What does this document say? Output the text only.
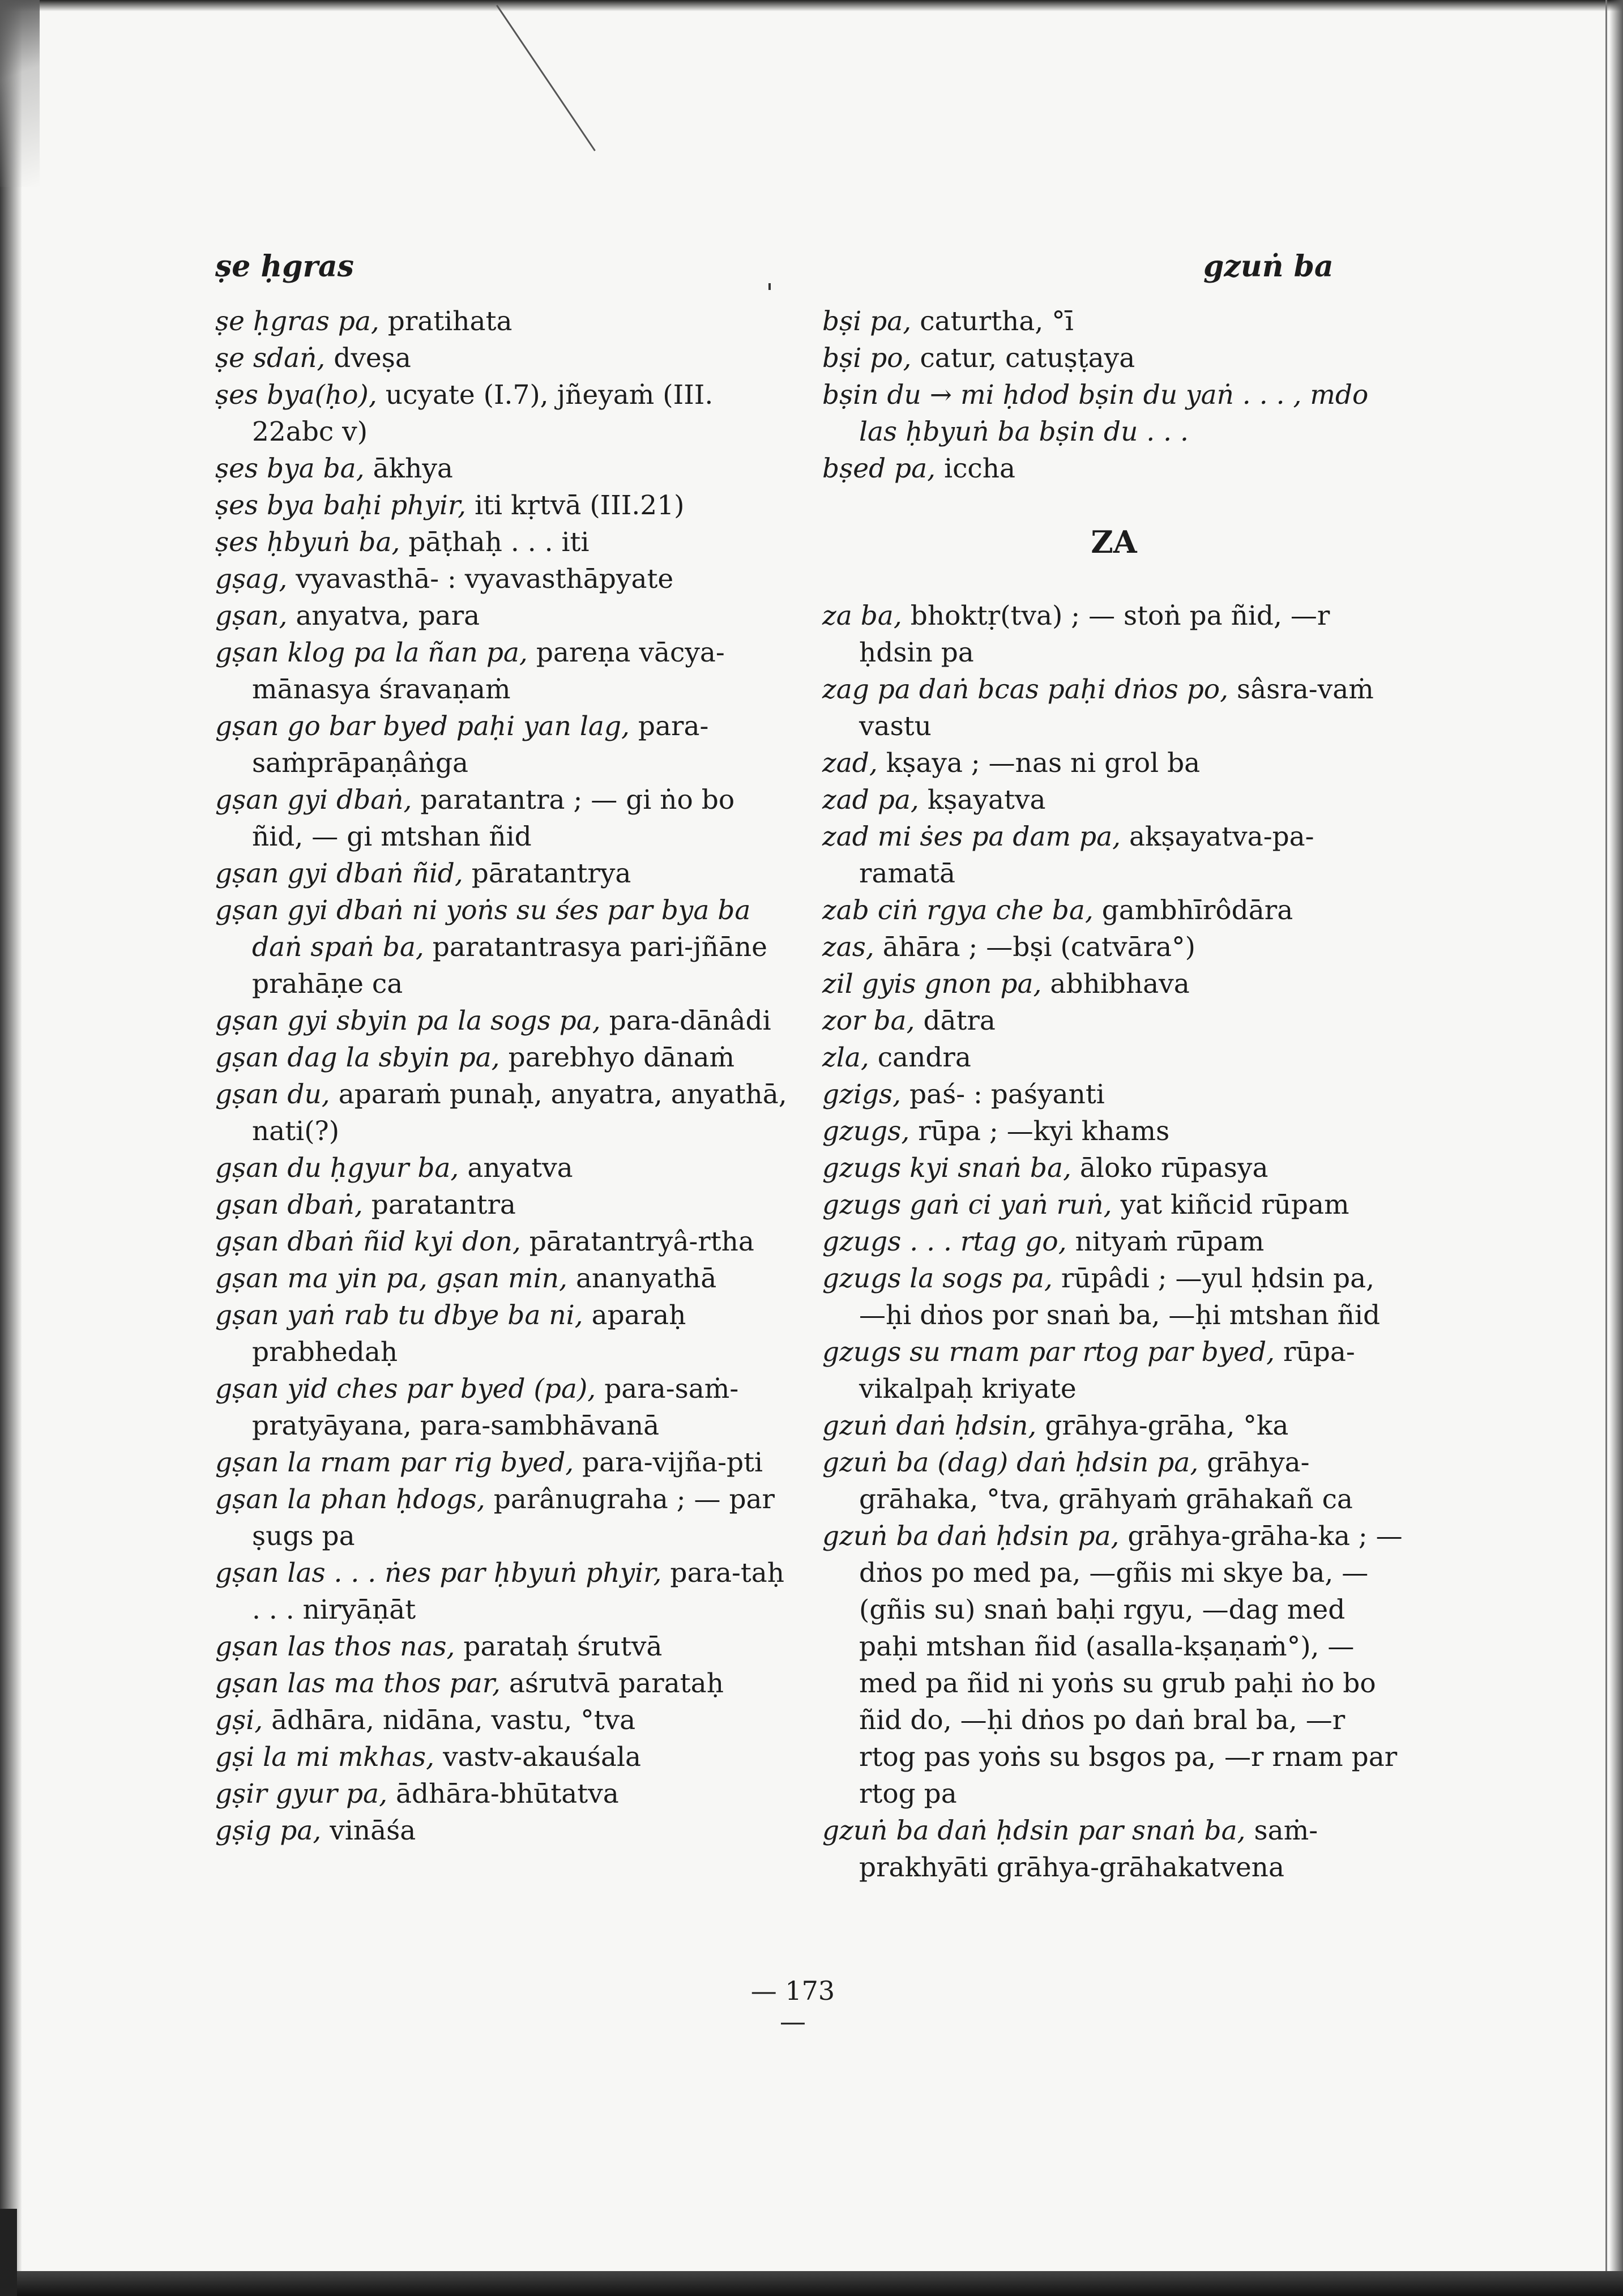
ṣe ḥgras	gzuṅ ba
ṣe ḥgras pa, pratihata
ṣe sdaṅ, dveṣa
ṣes bya(ḥo), ucyate (I.7), jñeyaṁ (III. 22abc v)
ṣes bya ba, ākhya
ṣes bya baḥi phyir, iti kṛtvā (III.21)
ṣes ḥbyuṅ ba, pāṭhaḥ . . . iti
gṣag, vyavasthā- : vyavasthāpyate
gṣan, anyatva, para
gṣan klog pa la ñan pa, pareṇa vācya-mānasya śravaṇaṁ
gṣan go bar byed paḥi yan lag, para-saṁprāpaṇâṅga
gṣan gyi dbaṅ, paratantra ; — gi ṅo bo ñid, — gi mtshan ñid
gṣan gyi dbaṅ ñid, pāratantrya
gṣan gyi dbaṅ ni yoṅs su śes par bya ba daṅ spaṅ ba, paratantrasya pari-jñāne prahāṇe ca
gṣan gyi sbyin pa la sogs pa, para-dānâdi
gṣan dag la sbyin pa, parebhyo dānaṁ
gṣan du, aparaṁ punaḥ, anyatra, anyathā, nati(?)
gṣan du ḥgyur ba, anyatva
gṣan dbaṅ, paratantra
gṣan dbaṅ ñid kyi don, pāratantryâ-rtha
gṣan ma yin pa, gṣan min, ananyathā
gṣan yaṅ rab tu dbye ba ni, aparaḥ prabhedaḥ
gṣan yid ches par byed (pa), para-saṁ-pratyāyana, para-sambhāvanā
gṣan la rnam par rig byed, para-vijña-pti
gṣan la phan ḥdogs, parânugraha ; — par ṣugs pa
gṣan las . . . ṅes par ḥbyuṅ phyir, para-taḥ . . . niryāṇāt
gṣan las thos nas, parataḥ śrutvā
gṣan las ma thos par, aśrutvā parataḥ
gṣi, ādhāra, nidāna, vastu, °tva
gṣi la mi mkhas, vastv-akauśala
gṣir gyur pa, ādhāra-bhūtatva
gṣig pa, vināśa
bṣi pa, caturtha, °ī
bṣi po, catur, catuṣṭaya
bṣin du → mi ḥdod bṣin du yaṅ . . . , mdo las ḥbyuṅ ba bṣin du . . .
bṣed pa, iccha
ZA
za ba, bhoktṛ(tva) ; — stoṅ pa ñid, —r ḥdsin pa
zag pa daṅ bcas paḥi dṅos po, sâsra-vaṁ vastu
zad, kṣaya ; —nas ni grol ba
zad pa, kṣayatva
zad mi ṡes pa dam pa, akṣayatva-pa-ramatā
zab ciṅ rgya che ba, gambhīrôdāra
zas, āhāra ; —bṣi (catvāra°)
zil gyis gnon pa, abhibhava
zor ba, dātra
zla, candra
gzigs, paś- : paśyanti
gzugs, rūpa ; —kyi khams
gzugs kyi snaṅ ba, āloko rūpasya
gzugs gaṅ ci yaṅ ruṅ, yat kiñcid rūpam
gzugs . . . rtag go, nityaṁ rūpam
gzugs la sogs pa, rūpâdi ; —yul ḥdsin pa, —ḥi dṅos por snaṅ ba, —ḥi mtshan ñid
gzugs su rnam par rtog par byed, rūpa-vikalpaḥ kriyate
gzuṅ daṅ ḥdsin, grāhya-grāha, °ka
gzuṅ ba (dag) daṅ ḥdsin pa, grāhya-grāhaka, °tva, grāhyaṁ grāhakañ ca
gzuṅ ba daṅ ḥdsin pa, grāhya-grāha-ka ; —dṅos po med pa, —gñis mi skye ba, —(gñis su) snaṅ baḥi rgyu, —dag med paḥi mtshan ñid (asalla-kṣaṇaṁ°), —med pa ñid ni yoṅs su grub paḥi ṅo bo ñid do, —ḥi dṅos po daṅ bral ba, —r rtog pas yoṅs su bsgos pa, —r rnam par rtog pa
gzuṅ ba daṅ ḥdsin par snaṅ ba, saṁ-prakhyāti grāhya-grāhakatvena
— 173 —
